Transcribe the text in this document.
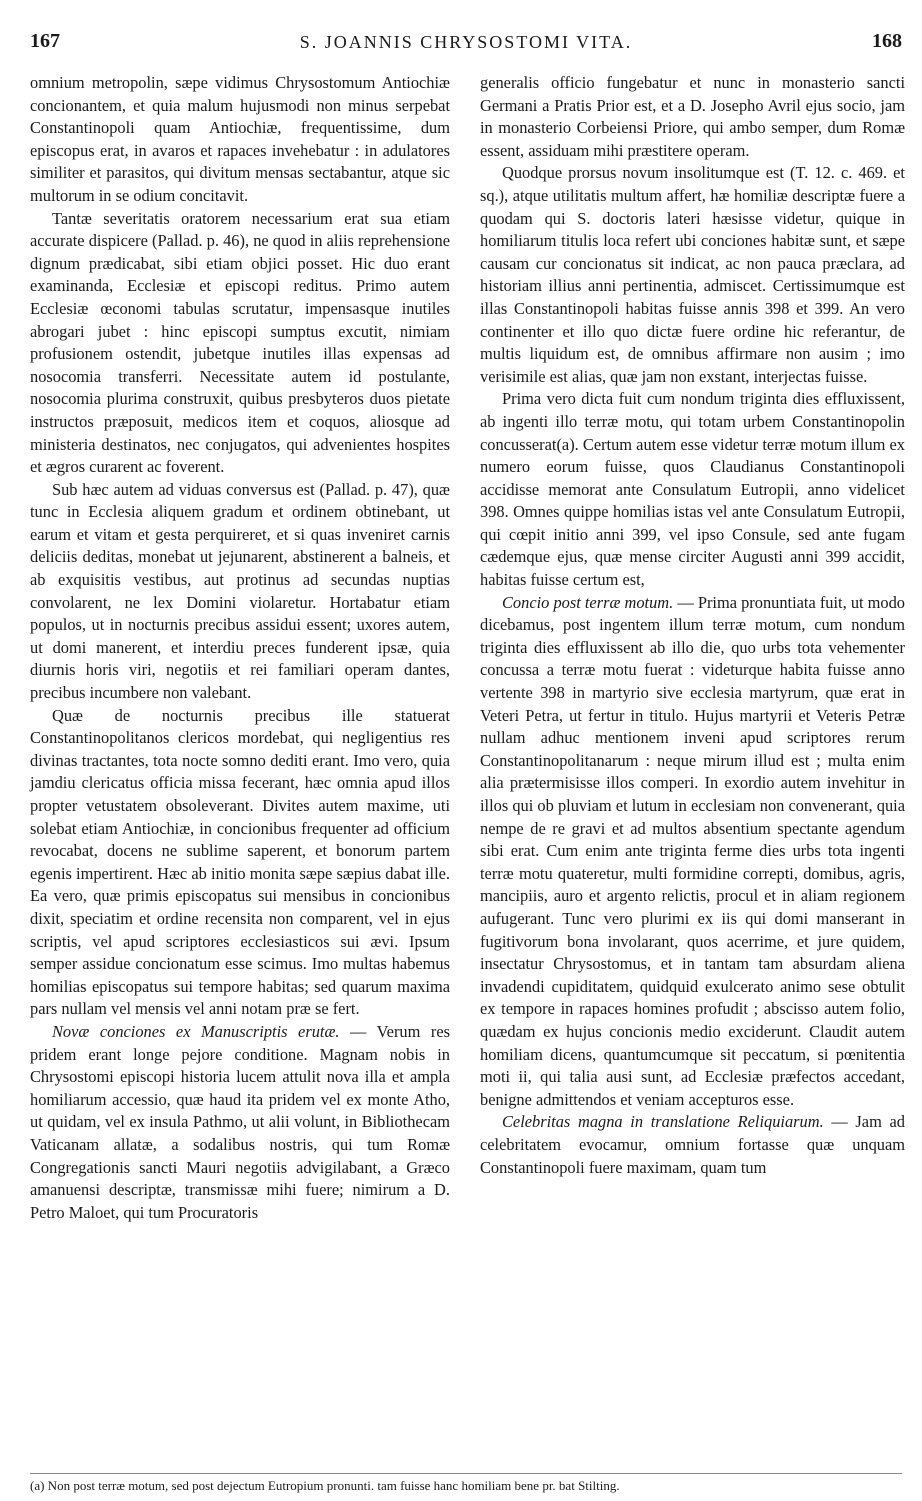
167	S. JOANNIS CHRYSOSTOMI VITA.	168

omnium metropolin, sæpe vidimus Chrysostomum Antiochiæ concionantem, et quia malum hujusmodi non minus serpebat Constantinopoli quam Antiochiæ, frequentissime, dum episcopus erat, in avaros et rapaces invehebatur : in adulatores similiter et parasitos, qui divitum mensas sectabantur, atque sic multorum in se odium concitavit.

Tantæ severitatis oratorem necessarium erat sua etiam accurate dispicere (Pallad. p. 46), ne quod in aliis reprehensione dignum prædicabat, sibi etiam objici posset. Hic duo erant examinanda, Ecclesiæ et episcopi reditus. Primo autem Ecclesiæ œconomi tabulas scrutatur, impensasque inutiles abrogari jubet : hinc episcopi sumptus excutit, nimiam profusionem ostendit, jubetque inutiles illas expensas ad nosocomia transferri. Necessitate autem id postulante, nosocomia plurima construxit, quibus presbyteros duos pietate instructos præposuit, medicos item et coquos, aliosque ad ministeria destinatos, nec conjugatos, qui advenientes hospites et ægros curarent ac foverent.

Sub hæc autem ad viduas conversus est (Pallad. p. 47), quæ tunc in Ecclesia aliquem gradum et ordinem obtinebant, ut earum et vitam et gesta perquireret, et si quas inveniret carnis deliciis deditas, monebat ut jejunarent, abstinerent a balneis, et ab exquisitis vestibus, aut protinus ad secundas nuptias convolarent, ne lex Domini violaretur. Hortabatur etiam populos, ut in nocturnis precibus assidui essent; uxores autem, ut domi manerent, et interdiu preces funderent ipsæ, quia diurnis horis viri, negotiis et rei familiari operam dantes, precibus incumbere non valebant.

Quæ de nocturnis precibus ille statuerat Constantinopolitanos clericos mordebat, qui negligentius res divinas tractantes, tota nocte somno dediti erant. Imo vero, quia jamdiu clericatus officia missa fecerant, hæc omnia apud illos propter vetustatem obsoleverant. Divites autem maxime, uti solebat etiam Antiochiæ, in concionibus frequenter ad officium revocabat, docens ne sublime saperent, et bonorum partem egenis impertirent. Hæc ab initio monita sæpe sæpius dabat ille. Ea vero, quæ primis episcopatus sui mensibus in concionibus dixit, speciatim et ordine recensita non comparent, vel in ejus scriptis, vel apud scriptores ecclesiasticos sui ævi. Ipsum semper assidue concionatum esse scimus. Imo multas habemus homilias episcopatus sui tempore habitas; sed quarum maxima pars nullam vel mensis vel anni notam præ se fert.

Novæ conciones ex Manuscriptis erutæ. — Verum res pridem erant longe pejore conditione. Magnam nobis in Chrysostomi episcopi historia lucem attulit nova illa et ampla homiliarum accessio, quæ haud ita pridem vel ex monte Atho, ut quidam, vel ex insula Pathmo, ut alii volunt, in Bibliothecam Vaticanam allatæ, a sodalibus nostris, qui tum Romæ Congregationis sancti Mauri negotiis advigilabant, a Græco amanuensi descriptæ, transmissæ mihi fuere; nimirum a D. Petro Maloet, qui tum Procuratoris

generalis officio fungebatur et nunc in monasterio sancti Germani a Pratis Prior est, et a D. Josepho Avril ejus socio, jam in monasterio Corbeiensi Priore, qui ambo semper, dum Romæ essent, assiduam mihi præstitere operam.

Quodque prorsus novum insolitumque est (T. 12. c. 469. et sq.), atque utilitatis multum affert, hæ homiliæ descriptæ fuere a quodam qui S. doctoris lateri hæsisse videtur, quique in homiliarum titulis loca refert ubi conciones habitæ sunt, et sæpe causam cur concionatus sit indicat, ac non pauca præclara, ad historiam illius anni pertinentia, admiscet. Certissimumque est illas Constantinopoli habitas fuisse annis 398 et 399. An vero continenter et illo quo dictæ fuere ordine hic referantur, de multis liquidum est, de omnibus affirmare non ausim ; imo verisimile est alias, quæ jam non exstant, interjectas fuisse.

Prima vero dicta fuit cum nondum triginta dies effluxissent, ab ingenti illo terræ motu, qui totam urbem Constantinopolin concusserat(a). Certum autem esse videtur terræ motum illum ex numero eorum fuisse, quos Claudianus Constantinopoli accidisse memorat ante Consulatum Eutropii, anno videlicet 398. Omnes quippe homilias istas vel ante Consulatum Eutropii, qui cœpit initio anni 399, vel ipso Consule, sed ante fugam cædemque ejus, quæ mense circiter Augusti anni 399 accidit, habitas fuisse certum est,

Concio post terræ motum. — Prima pronuntiata fuit, ut modo dicebamus, post ingentem illum terræ motum, cum nondum triginta dies effluxissent ab illo die, quo urbs tota vehementer concussa a terræ motu fuerat : videturque habita fuisse anno vertente 398 in martyrio sive ecclesia martyrum, quæ erat in Veteri Petra, ut fertur in titulo. Hujus martyrii et Veteris Petræ nullam adhuc mentionem inveni apud scriptores rerum Constantinopolitanarum : neque mirum illud est ; multa enim alia prætermisisse illos comperi. In exordio autem invehitur in illos qui ob pluviam et lutum in ecclesiam non convenerant, quia nempe de re gravi et ad multos absentium spectante agendum sibi erat. Cum enim ante triginta ferme dies urbs tota ingenti terræ motu quateretur, multi formidine correpti, domibus, agris, mancipiis, auro et argento relictis, procul et in aliam regionem aufugerant. Tunc vero plurimi ex iis qui domi manserant in fugitivorum bona involarant, quos acerrime, et jure quidem, insectatur Chrysostomus, et in tantam tam absurdam aliena invadendi cupiditatem, quidquid exulcerato animo sese obtulit ex tempore in rapaces homines profudit ; abscisso autem folio, quædam ex hujus concionis medio exciderunt. Claudit autem homiliam dicens, quantumcumque sit peccatum, si pœnitentia moti ii, qui talia ausi sunt, ad Ecclesiæ præfectos accedant, benigne admittendos et veniam accepturos esse.

Celebritas magna in translatione Reliquiarum. — Jam ad celebritatem evocamur, omnium fortasse quæ unquam Constantinopoli fuere maximam, quam tum

(a) Non post terræ motum, sed post dejectum Eutropium pronunti. tam fuisse hanc homiliam bene pr. bat Stilting.
